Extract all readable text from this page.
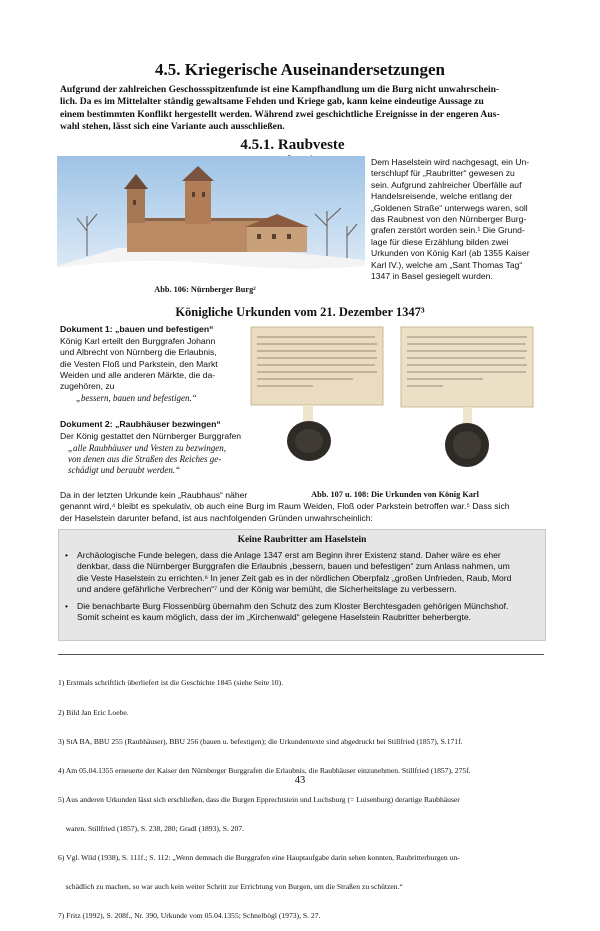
4.5. Kriegerische Auseinandersetzungen
Aufgrund der zahlreichen Geschossspitzenfunde ist eine Kampfhandlung um die Burg nicht unwahrschein-
lich. Da es im Mittelalter ständig gewaltsame Fehden und Kriege gab, kann keine eindeutige Aussage zu
einem bestimmten Konflikt hergestellt werden. Während zwei geschichtliche Ereignisse in der engeren Aus-
wahl stehen, lässt sich eine Variante auch ausschließen.
4.5.1. Raubveste
Abb. 106: Nürnberger Burg²
Dem Haselstein wird nachgesagt, ein Un-
terschlupf für „Raubritter“ gewesen zu
sein. Aufgrund zahlreicher Überfälle auf
Handelsreisende, welche entlang der
„Goldenen Straße“ unterwegs waren, soll
das Raubnest von den Nürnberger Burg-
grafen zerstört worden sein.¹ Die Grund-
lage für diese Erzählung bilden zwei
Urkunden von König Karl (ab 1355 Kaiser
Karl IV.), welche am „Sant Thomas Tag“
1347 in Basel gesiegelt wurden.
Königliche Urkunden vom 21. Dezember 1347³
Dokument 1: „bauen und befestigen“
König Karl erteilt den Burggrafen Johann
und Albrecht von Nürnberg die Erlaubnis,
die Vesten Floß und Parkstein, den Markt
Weiden und alle anderen Märkte, die da-
zugehören, zu
„bessern, bauen und befestigen.“
Dokument 2: „Raubhäuser bezwingen“
Der König gestattet den Nürnberger Burggrafen
„alle Raubhäuser und Vesten zu bezwingen,
von denen aus die Straßen des Reiches ge-
schädigt und beraubt werden.“
Abb. 107 u. 108: Die Urkunden von König Karl
Da in der letzten Urkunde kein „Raubhaus“ näher
genannt wird,⁴ bleibt es spekulativ, ob auch eine Burg im Raum Weiden, Floß oder Parkstein betroffen war.⁵ Dass sich
der Haselstein darunter befand, ist aus nachfolgenden Gründen unwahrscheinlich:
Keine Raubritter am Haselstein
• Archäologische Funde belegen, dass die Anlage 1347 erst am Beginn ihrer Existenz stand. Daher wäre es eher
denkbar, dass die Nürnberger Burggrafen die Erlaubnis „bessern, bauen und befestigen“ zum Anlass nahmen, um
die Veste Haselstein zu errichten.⁶ In jener Zeit gab es in der nördlichen Oberpfalz „großen Unfrieden, Raub, Mord
und andere gefährliche Verbrechen“⁷ und der König war bemüht, die Sicherheitslage zu verbessern.
• Die benachbarte Burg Flossenbürg übernahm den Schutz des zum Kloster Berchtesgaden gehörigen Münchshof.
Somit scheint es kaum möglich, dass der im „Kirchenwald“ gelegene Haselstein Raubritter beherbergte.

1) Erstmals schriftlich überliefert ist die Geschichte 1845 (siehe Seite 10).

2) Bild Jan Eric Loebe.

3) StA BA, BBU 255 (Raubhäuser), BBU 256 (bauen u. befestigen); die Urkundentexte sind abgedruckt bei Stillfried (1857), S.171f.

4) Am 05.04.1355 erneuerte der Kaiser den Nürnberger Burggrafen die Erlaubnis, die Raubhäuser einzunehmen. Stillfried (1857), 275f.

5) Aus anderen Urkunden lässt sich erschließen, dass die Burgen Epprechtstein und Luchsburg (= Luisenburg) derartige Raubhäuser

waren. Stillfried (1857), S. 238, 280; Gradl (1893), S. 207.

6) Vgl. Wild (1938), S. 111f.; S. 112: „Wenn demnach die Burggrafen eine Hauptaufgabe darin sehen konnten, Raubritterburgen un-

schädlich zu machen, so war auch kein weiter Schritt zur Errichtung von Burgen, um die Straßen zu schützen.“

7) Fritz (1992), S. 208f., Nr. 390, Urkunde vom 05.04.1355; Schnelbögl (1973), S. 27.

43
